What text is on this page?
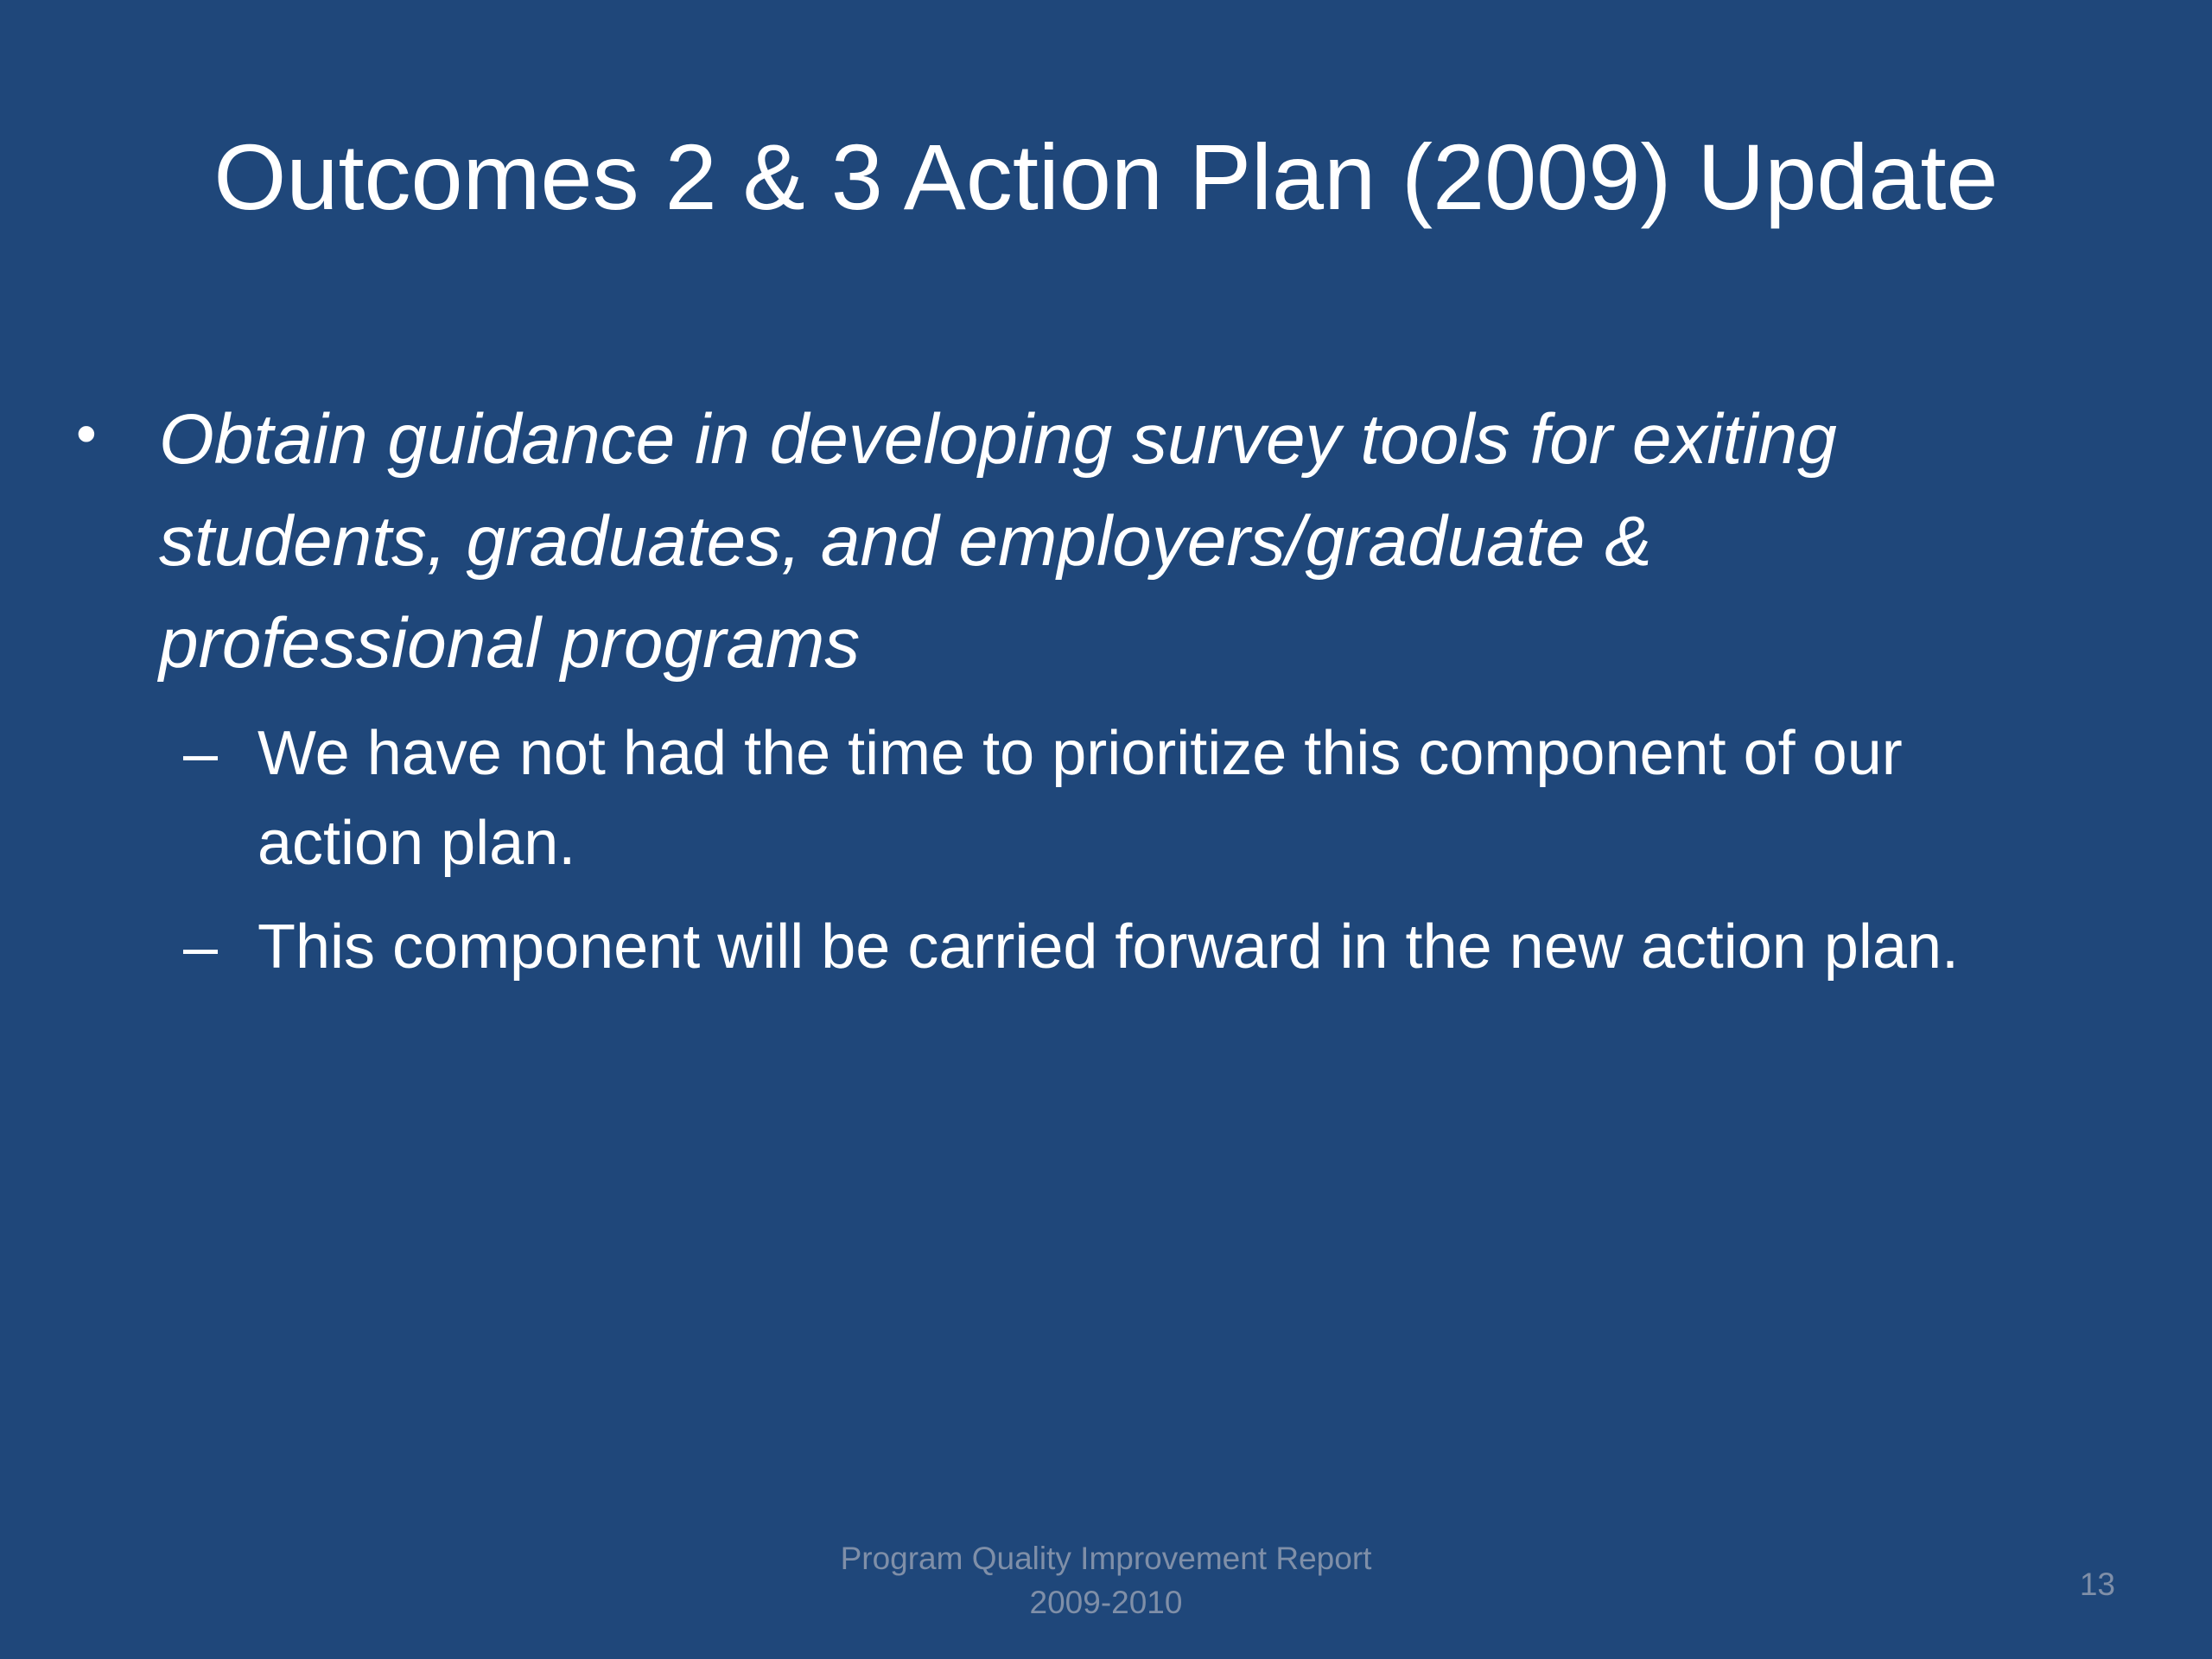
Outcomes 2 & 3 Action Plan (2009) Update
• Obtain guidance in developing survey tools for exiting
students, graduates, and employers/graduate &
professional programs
– We have not had the time to prioritize this component of our
action plan.
– This component will be carried forward in the new action plan.
Program Quality Improvement Report
2009-2010
13
